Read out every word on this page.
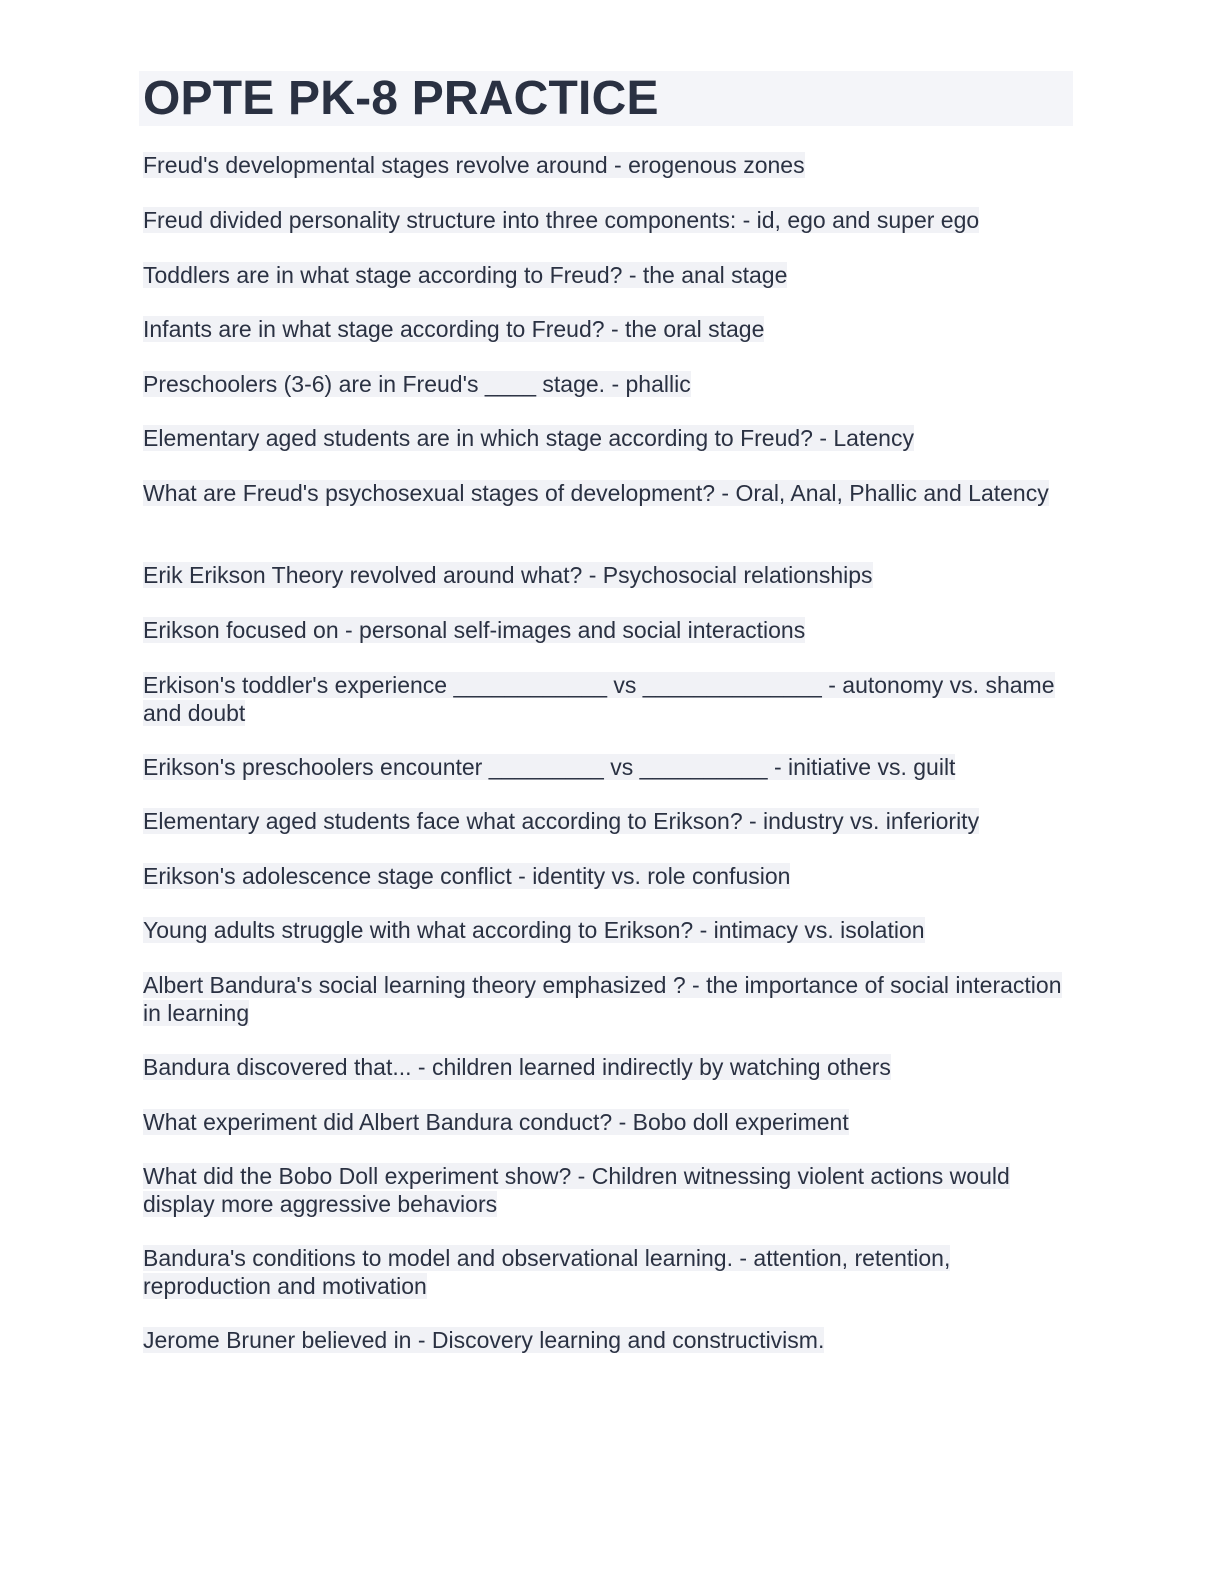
OPTE PK-8 PRACTICE

Freud's developmental stages revolve around - erogenous zones

Freud divided personality structure into three components: - id, ego and super ego

Toddlers are in what stage according to Freud? - the anal stage

Infants are in what stage according to Freud? - the oral stage

Preschoolers (3-6) are in Freud's ____ stage. - phallic

Elementary aged students are in which stage according to Freud? - Latency

What are Freud's psychosexual stages of development? - Oral, Anal, Phallic and Latency

Erik Erikson Theory revolved around what? - Psychosocial relationships

Erikson focused on - personal self-images and social interactions

Erkison's toddler's experience ____________ vs ______________ - autonomy vs. shame and doubt

Erikson's preschoolers encounter _________ vs __________ - initiative vs. guilt

Elementary aged students face what according to Erikson? - industry vs. inferiority

Erikson's adolescence stage conflict - identity vs. role confusion

Young adults struggle with what according to Erikson? - intimacy vs. isolation

Albert Bandura's social learning theory emphasized ? - the importance of social interaction in learning

Bandura discovered that... - children learned indirectly by watching others

What experiment did Albert Bandura conduct? - Bobo doll experiment

What did the Bobo Doll experiment show? - Children witnessing violent actions would display more aggressive behaviors

Bandura's conditions to model and observational learning. - attention, retention, reproduction and motivation

Jerome Bruner believed in - Discovery learning and constructivism.
